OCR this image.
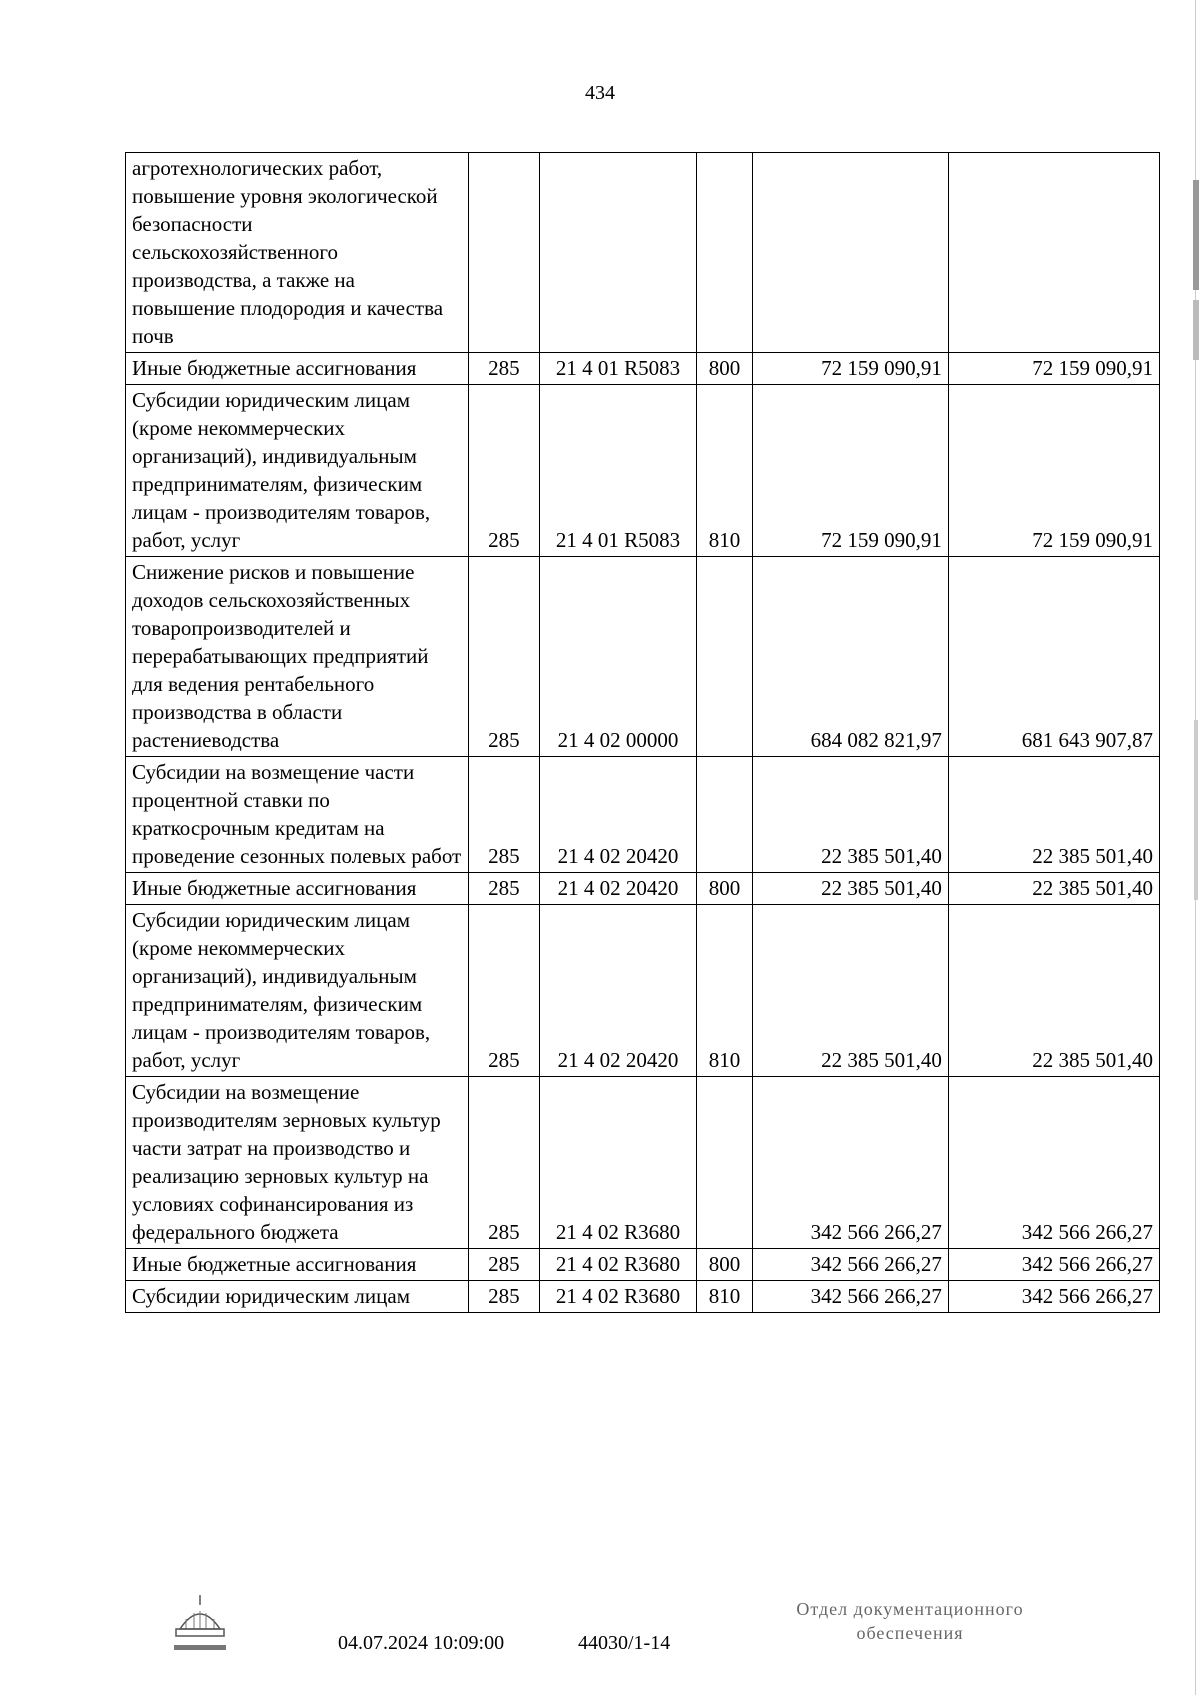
434
агротехнологических работ, повышение уровня экологической безопасности сельскохозяйственного производства, а также на повышение плодородия и качества почв					
Иные бюджетные ассигнования	285	21 4 01 R5083	800	72 159 090,91	72 159 090,91
Субсидии юридическим лицам (кроме некоммерческих организаций), индивидуальным предпринимателям, физическим лицам - производителям товаров, работ, услуг	285	21 4 01 R5083	810	72 159 090,91	72 159 090,91
Снижение рисков и повышение доходов сельскохозяйственных товаропроизводителей и перерабатывающих предприятий для ведения рентабельного производства в области растениеводства	285	21 4 02 00000		684 082 821,97	681 643 907,87
Субсидии на возмещение части процентной ставки по краткосрочным кредитам на проведение сезонных полевых работ	285	21 4 02 20420		22 385 501,40	22 385 501,40
Иные бюджетные ассигнования	285	21 4 02 20420	800	22 385 501,40	22 385 501,40
Субсидии юридическим лицам (кроме некоммерческих организаций), индивидуальным предпринимателям, физическим лицам - производителям товаров, работ, услуг	285	21 4 02 20420	810	22 385 501,40	22 385 501,40
Субсидии на возмещение производителям зерновых культур части затрат на производство и реализацию зерновых культур на условиях софинансирования из федерального бюджета	285	21 4 02 R3680		342 566 266,27	342 566 266,27
Иные бюджетные ассигнования	285	21 4 02 R3680	800	342 566 266,27	342 566 266,27
Субсидии юридическим лицам	285	21 4 02 R3680	810	342 566 266,27	342 566 266,27
04.07.2024 10:09:00	44030/1-14
Отдел документационного
обеспечения
